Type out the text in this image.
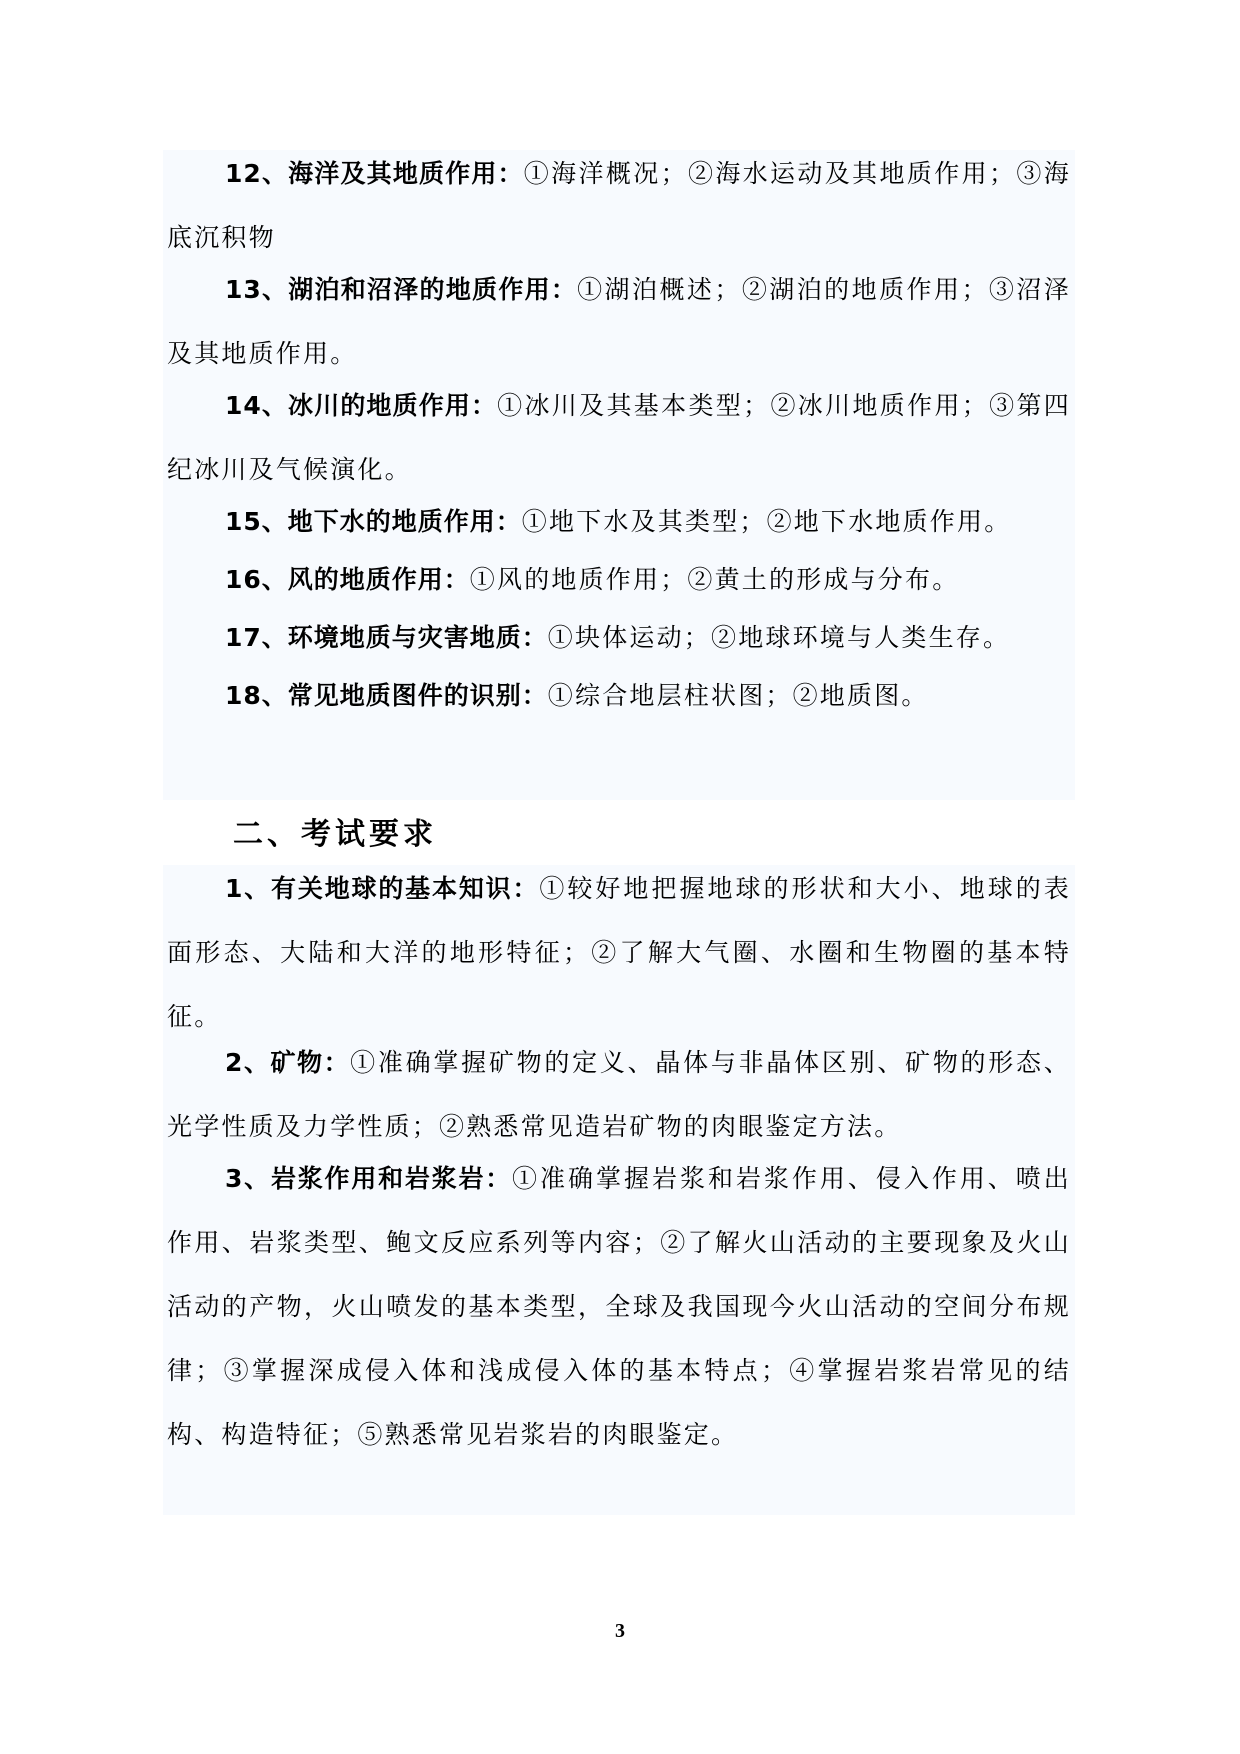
12、海洋及其地质作用：①海洋概况；②海水运动及其地质作用；③海底沉积物

13、湖泊和沼泽的地质作用：①湖泊概述；②湖泊的地质作用；③沼泽及其地质作用。

14、冰川的地质作用：①冰川及其基本类型；②冰川地质作用；③第四纪冰川及气候演化。

15、地下水的地质作用：①地下水及其类型；②地下水地质作用。

16、风的地质作用：①风的地质作用；②黄土的形成与分布。

17、环境地质与灾害地质：①块体运动；②地球环境与人类生存。

18、常见地质图件的识别：①综合地层柱状图；②地质图。

二、考试要求

1、有关地球的基本知识：①较好地把握地球的形状和大小、地球的表面形态、大陆和大洋的地形特征；②了解大气圈、水圈和生物圈的基本特征。

2、矿物：①准确掌握矿物的定义、晶体与非晶体区别、矿物的形态、光学性质及力学性质；②熟悉常见造岩矿物的肉眼鉴定方法。

3、岩浆作用和岩浆岩：①准确掌握岩浆和岩浆作用、侵入作用、喷出作用、岩浆类型、鲍文反应系列等内容；②了解火山活动的主要现象及火山活动的产物，火山喷发的基本类型，全球及我国现今火山活动的空间分布规律；③掌握深成侵入体和浅成侵入体的基本特点；④掌握岩浆岩常见的结构、构造特征；⑤熟悉常见岩浆岩的肉眼鉴定。

3
